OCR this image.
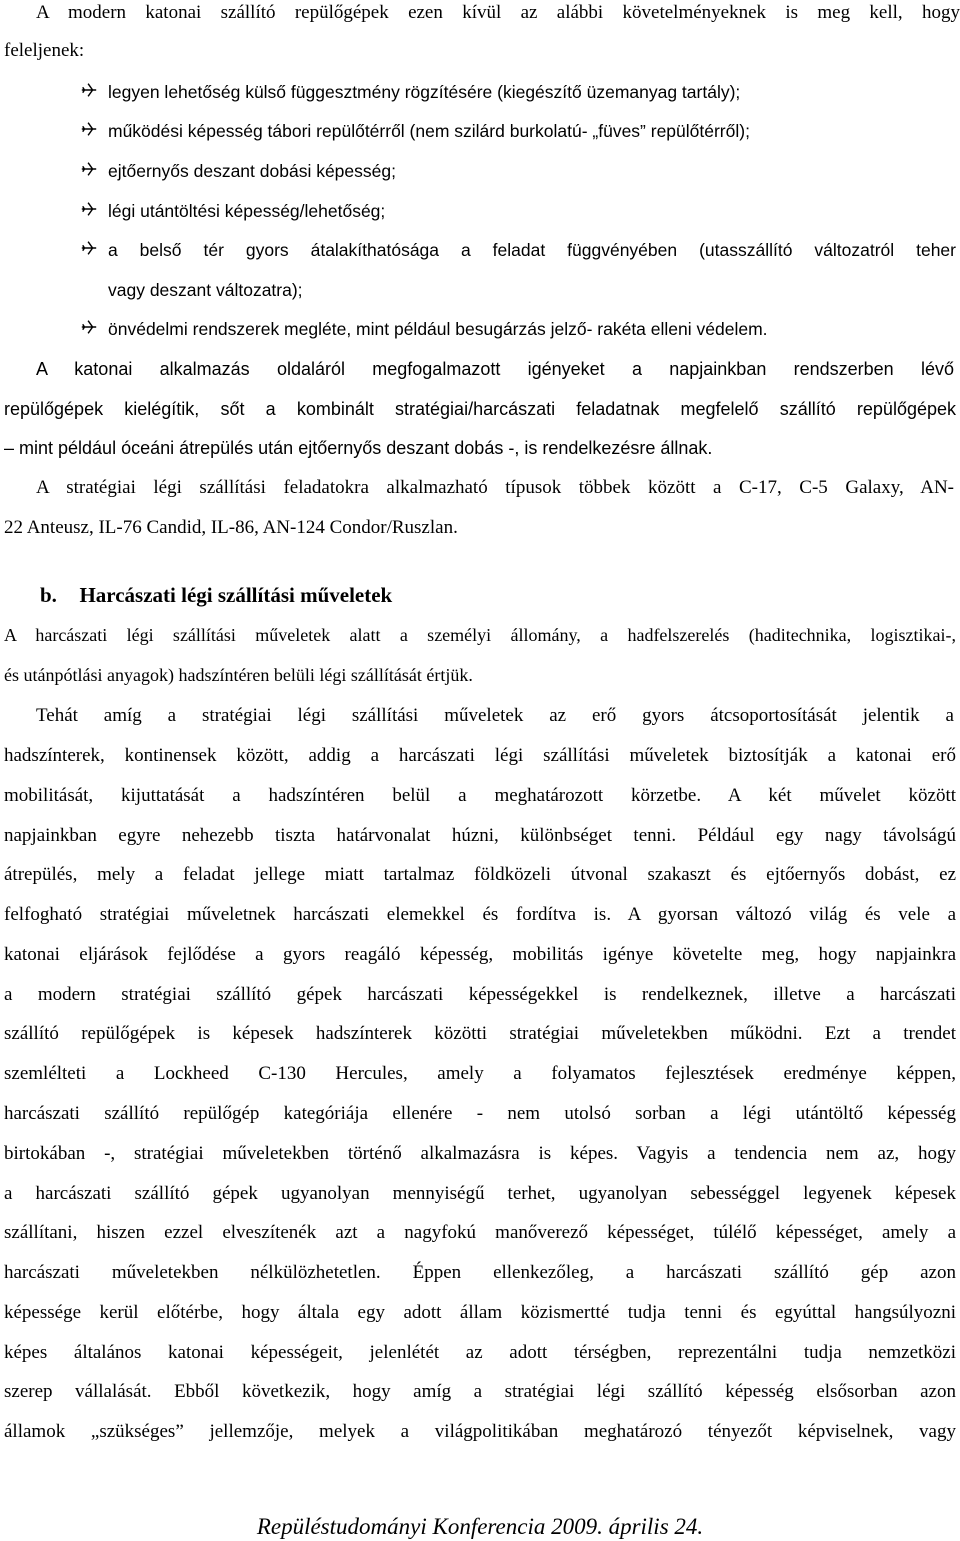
A modern katonai szállító repülőgépek ezen kívül az alábbi követelményeknek is meg kell, hogy
feleljenek:
legyen lehetőség külső függesztmény rögzítésére (kiegészítő üzemanyag tartály);
működési képesség tábori repülőtérről (nem szilárd burkolatú- „füves” repülőtérről);
ejtőernyős deszant dobási képesség;
légi utántöltési képesség/lehetőség;
a belső tér gyors átalakíthatósága a feladat függvényében (utasszállító változatról teher
vagy deszant változatra);
önvédelmi rendszerek megléte, mint például besugárzás jelző- rakéta elleni védelem.
A katonai alkalmazás oldaláról megfogalmazott igényeket a napjainkban rendszerben lévő
repülőgépek kielégítik, sőt a kombinált stratégiai/harcászati feladatnak megfelelő szállító repülőgépek
– mint például óceáni átrepülés után ejtőernyős deszant dobás -, is rendelkezésre állnak.
A stratégiai légi szállítási feladatokra alkalmazható típusok többek között a C-17, C-5 Galaxy, AN-
22 Anteusz, IL-76 Candid, IL-86, AN-124 Condor/Ruszlan.
b. Harcászati légi szállítási műveletek
A harcászati légi szállítási műveletek alatt a személyi állomány, a hadfelszerelés (haditechnika, logisztikai-,
és utánpótlási anyagok) hadszíntéren belüli légi szállítását értjük.
Tehát amíg a stratégiai légi szállítási műveletek az erő gyors átcsoportosítását jelentik a
hadszínterek, kontinensek között, addig a harcászati légi szállítási műveletek biztosítják a katonai erő
mobilitását, kijuttatását a hadszíntéren belül a meghatározott körzetbe. A két művelet között
napjainkban egyre nehezebb tiszta határvonalat húzni, különbséget tenni. Például egy nagy távolságú
átrepülés, mely a feladat jellege miatt tartalmaz földközeli útvonal szakaszt és ejtőernyős dobást, ez
felfogható stratégiai műveletnek harcászati elemekkel és fordítva is. A gyorsan változó világ és vele a
katonai eljárások fejlődése a gyors reagáló képesség, mobilitás igénye követelte meg, hogy napjainkra
a modern stratégiai szállító gépek harcászati képességekkel is rendelkeznek, illetve a harcászati
szállító repülőgépek is képesek hadszínterek közötti stratégiai műveletekben működni. Ezt a trendet
szemlélteti a Lockheed C-130 Hercules, amely a folyamatos fejlesztések eredménye képpen,
harcászati szállító repülőgép kategóriája ellenére - nem utolsó sorban a légi utántöltő képesség
birtokában -, stratégiai műveletekben történő alkalmazásra is képes. Vagyis a tendencia nem az, hogy
a harcászati szállító gépek ugyanolyan mennyiségű terhet, ugyanolyan sebességgel legyenek képesek
szállítani, hiszen ezzel elveszítenék azt a nagyfokú manőverező képességet, túlélő képességet, amely a
harcászati műveletekben nélkülözhetetlen. Éppen ellenkezőleg, a harcászati szállító gép azon
képessége kerül előtérbe, hogy általa egy adott állam közismertté tudja tenni és egyúttal hangsúlyozni
képes általános katonai képességeit, jelenlétét az adott térségben, reprezentálni tudja nemzetközi
szerep vállalását. Ebből következik, hogy amíg a stratégiai légi szállító képesség elsősorban azon
államok „szükséges” jellemzője, melyek a világpolitikában meghatározó tényezőt képviselnek, vagy
Repüléstudományi Konferencia 2009. április 24.
